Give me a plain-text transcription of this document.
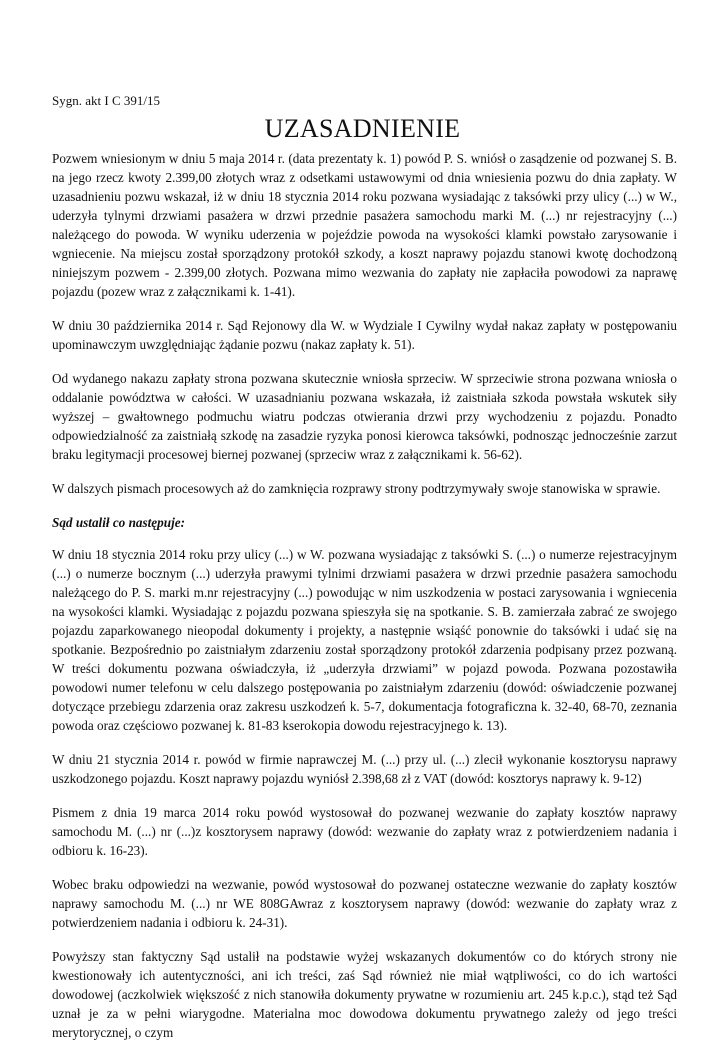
Sygn. akt I C 391/15

UZASADNIENIE

Pozwem wniesionym w dniu 5 maja 2014 r. (data prezentaty k. 1) powód P. S. wniósł o zasądzenie od pozwanej S. B. na jego rzecz kwoty 2.399,00 złotych wraz z odsetkami ustawowymi od dnia wniesienia pozwu do dnia zapłaty. W uzasadnieniu pozwu wskazał, iż w dniu 18 stycznia 2014 roku pozwana wysiadając z taksówki przy ulicy (...) w W., uderzyła tylnymi drzwiami pasażera w drzwi przednie pasażera samochodu marki M. (...) nr rejestracyjny (...) należącego do powoda. W wyniku uderzenia w pojeździe powoda na wysokości klamki powstało zarysowanie i wgniecenie. Na miejscu został sporządzony protokół szkody, a koszt naprawy pojazdu stanowi kwotę dochodzoną niniejszym pozwem - 2.399,00 złotych. Pozwana mimo wezwania do zapłaty nie zapłaciła powodowi za naprawę pojazdu (pozew wraz z załącznikami k. 1-41).

W dniu 30 października 2014 r. Sąd Rejonowy dla W. w Wydziale I Cywilny wydał nakaz zapłaty w postępowaniu upominawczym uwzględniając żądanie pozwu (nakaz zapłaty k. 51).

Od wydanego nakazu zapłaty strona pozwana skutecznie wniosła sprzeciw. W sprzeciwie strona pozwana wniosła o oddalanie powództwa w całości. W uzasadnianiu pozwana wskazała, iż zaistniała szkoda powstała wskutek siły wyższej – gwałtownego podmuchu wiatru podczas otwierania drzwi przy wychodzeniu z pojazdu. Ponadto odpowiedzialność za zaistniałą szkodę na zasadzie ryzyka ponosi kierowca taksówki, podnosząc jednocześnie zarzut braku legitymacji procesowej biernej pozwanej (sprzeciw wraz z załącznikami k. 56-62).

W dalszych pismach procesowych aż do zamknięcia rozprawy strony podtrzymywały swoje stanowiska w sprawie.

Sąd ustalił co następuje:

W dniu 18 stycznia 2014 roku przy ulicy (...) w W. pozwana wysiadając z taksówki S. (...) o numerze rejestracyjnym (...) o numerze bocznym (...) uderzyła prawymi tylnimi drzwiami pasażera w drzwi przednie pasażera samochodu należącego do P. S. marki m.nr rejestracyjny (...) powodując w nim uszkodzenia w postaci zarysowania i wgniecenia na wysokości klamki. Wysiadając z pojazdu pozwana spieszyła się na spotkanie. S. B. zamierzała zabrać ze swojego pojazdu zaparkowanego nieopodal dokumenty i projekty, a następnie wsiąść ponownie do taksówki i udać się na spotkanie. Bezpośrednio po zaistniałym zdarzeniu został sporządzony protokół zdarzenia podpisany przez pozwaną. W treści dokumentu pozwana oświadczyła, iż „uderzyła drzwiami” w pojazd powoda. Pozwana pozostawiła powodowi numer telefonu w celu dalszego postępowania po zaistniałym zdarzeniu (dowód: oświadczenie pozwanej dotyczące przebiegu zdarzenia oraz zakresu uszkodzeń k. 5-7, dokumentacja fotograficzna k. 32-40, 68-70, zeznania powoda oraz częściowo pozwanej k. 81-83 kserokopia dowodu rejestracyjnego k. 13).

W dniu 21 stycznia 2014 r. powód w firmie naprawczej M. (...) przy ul. (...) zlecił wykonanie kosztorysu naprawy uszkodzonego pojazdu. Koszt naprawy pojazdu wyniósł 2.398,68 zł z VAT (dowód: kosztorys naprawy k. 9-12)

Pismem z dnia 19 marca 2014 roku powód wystosował do pozwanej wezwanie do zapłaty kosztów naprawy samochodu M. (...) nr (...)z kosztorysem naprawy (dowód: wezwanie do zapłaty wraz z potwierdzeniem nadania i odbioru k. 16-23).

Wobec braku odpowiedzi na wezwanie, powód wystosował do pozwanej ostateczne wezwanie do zapłaty kosztów naprawy samochodu M. (...) nr WE 808GAwraz z kosztorysem naprawy (dowód: wezwanie do zapłaty wraz z potwierdzeniem nadania i odbioru k. 24-31).

Powyższy stan faktyczny Sąd ustalił na podstawie wyżej wskazanych dokumentów co do których strony nie kwestionowały ich autentyczności, ani ich treści, zaś Sąd również nie miał wątpliwości, co do ich wartości dowodowej (aczkolwiek większość z nich stanowiła dokumenty prywatne w rozumieniu art. 245 k.p.c.), stąd też Sąd uznał je za w pełni wiarygodne. Materialna moc dowodowa dokumentu prywatnego zależy od jego treści merytorycznej, o czym
